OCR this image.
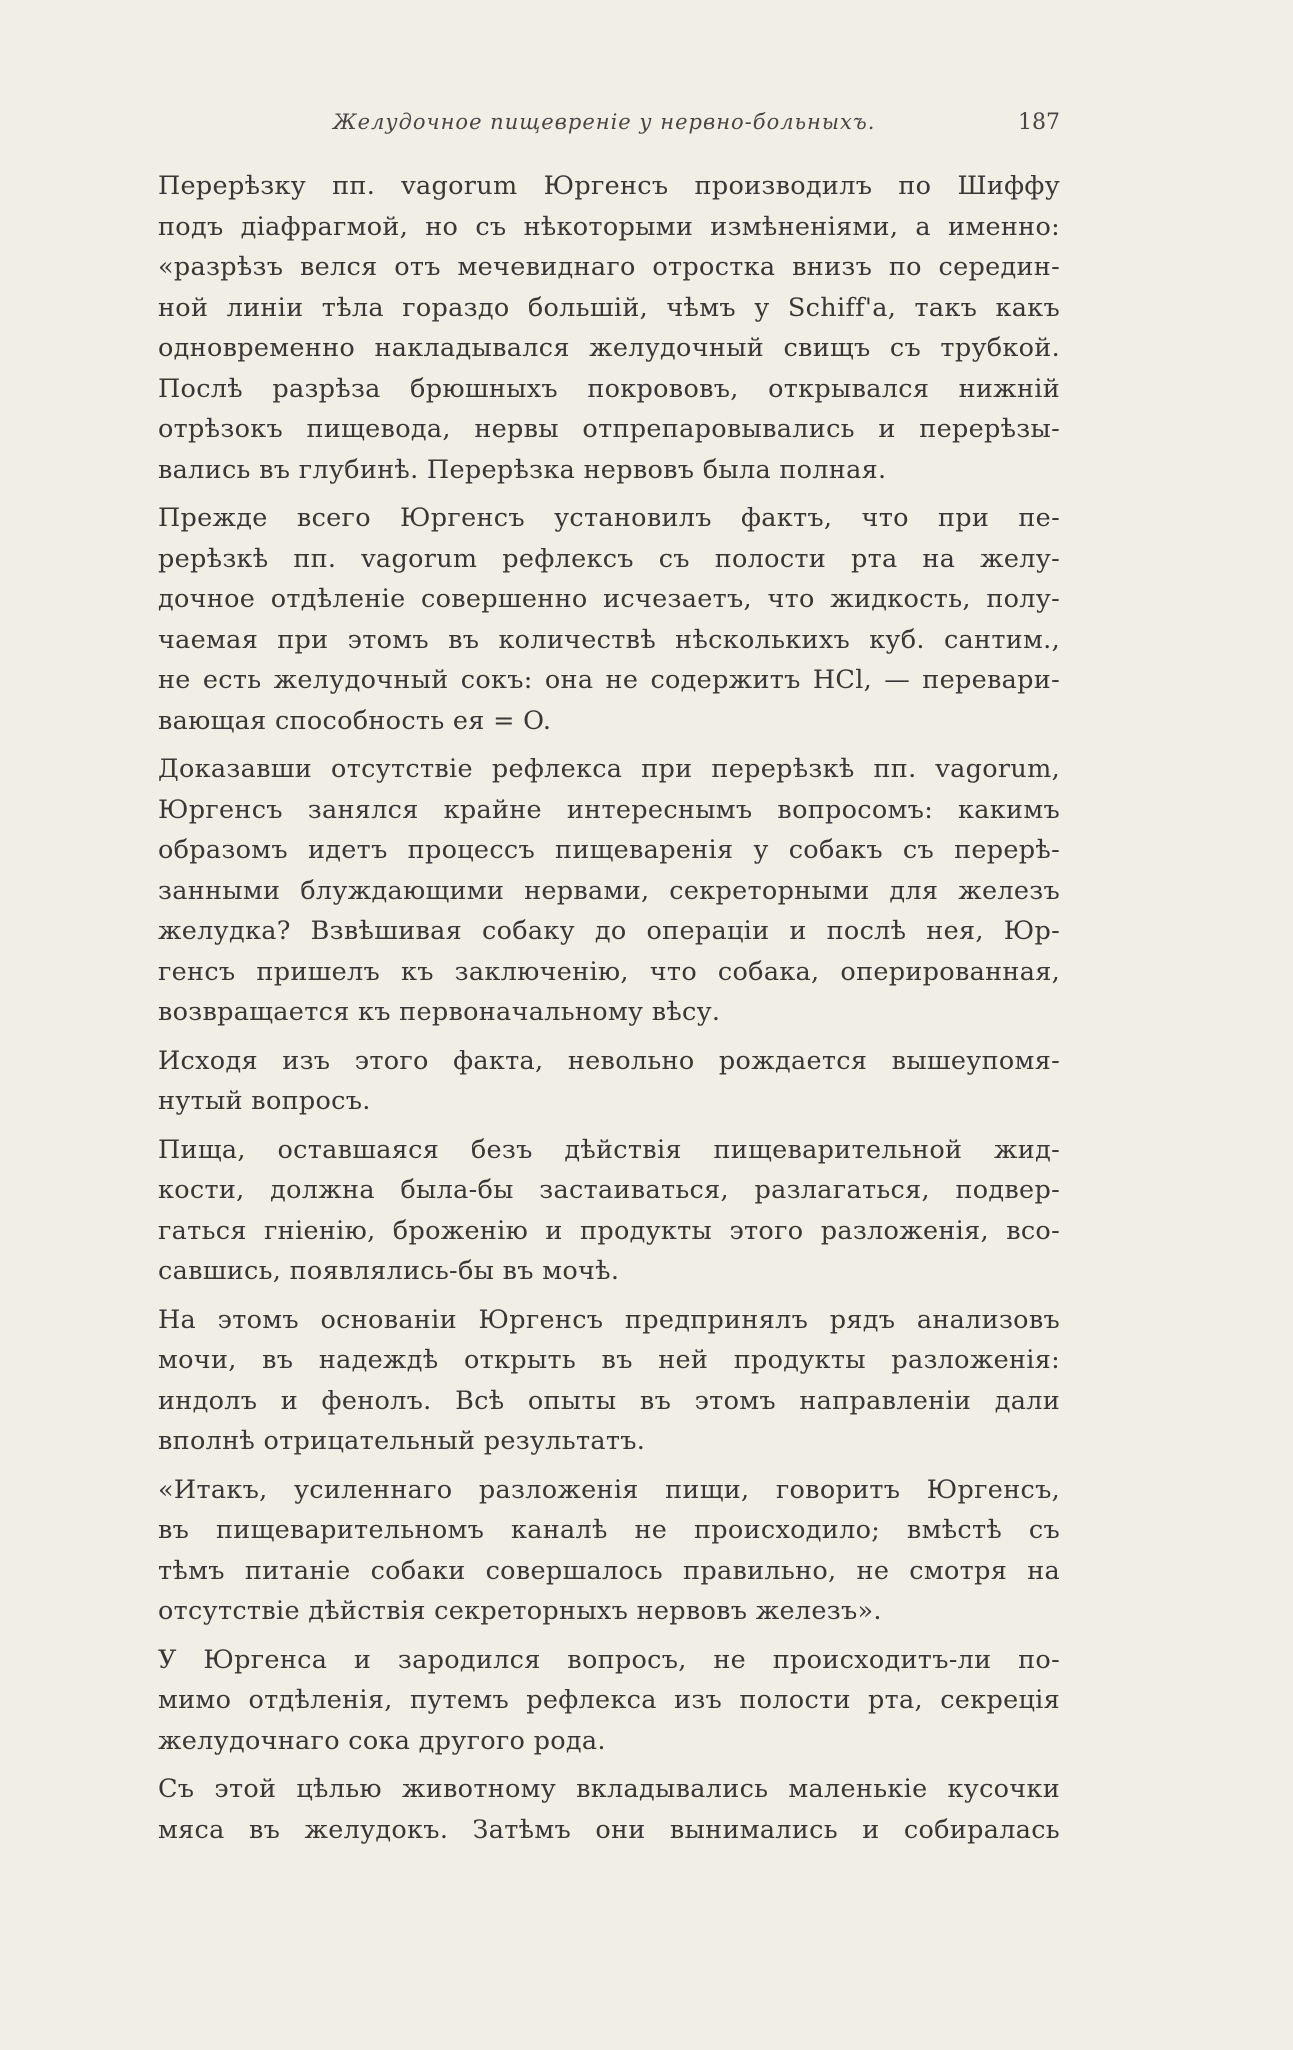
Желудочное пищевреніе у нервно-больныхъ.	187
Перерѣзку пп. vagorum Юргенсъ производилъ по Шиффу
подъ діафрагмой, но съ нѣкоторыми измѣненіями, а именно:
«разрѣзъ велся отъ мечевиднаго отростка внизъ по середин-
ной линіи тѣла гораздо большій, чѣмъ у Schiff'а, такъ какъ
одновременно накладывался желудочный свищъ съ трубкой.
Послѣ разрѣза брюшныхъ покрововъ, открывался нижній
отрѣзокъ пищевода, нервы отпрепаровывались и перерѣзы-
вались въ глубинѣ. Перерѣзка нервовъ была полная.
Прежде всего Юргенсъ установилъ фактъ, что при пе-
рерѣзкѣ пп. vagorum рефлексъ съ полости рта на желу-
дочное отдѣленіе совершенно исчезаетъ, что жидкость, полу-
чаемая при этомъ въ количествѣ нѣсколькихъ куб. сантим.,
не есть желудочный сокъ: она не содержитъ HCl, — перевари-
вающая способность ея = O.
Доказавши отсутствіе рефлекса при перерѣзкѣ пп. vagorum,
Юргенсъ занялся крайне интереснымъ вопросомъ: какимъ
образомъ идетъ процессъ пищеваренія у собакъ съ перерѣ-
занными блуждающими нервами, секреторными для железъ
желудка? Взвѣшивая собаку до операціи и послѣ нея, Юр-
генсъ пришелъ къ заключенію, что собака, оперированная,
возвращается къ первоначальному вѣсу.
Исходя изъ этого факта, невольно рождается вышеупомя-
нутый вопросъ.
Пища, оставшаяся безъ дѣйствія пищеварительной жид-
кости, должна была-бы застаиваться, разлагаться, подвер-
гаться гніенію, броженію и продукты этого разложенія, всо-
савшись, появлялись-бы въ мочѣ.
На этомъ основаніи Юргенсъ предпринялъ рядъ анализовъ
мочи, въ надеждѣ открыть въ ней продукты разложенія:
индолъ и фенолъ. Всѣ опыты въ этомъ направленіи дали
вполнѣ отрицательный результатъ.
«Итакъ, усиленнаго разложенія пищи, говоритъ Юргенсъ,
въ пищеварительномъ каналѣ не происходило; вмѣстѣ съ
тѣмъ питаніе собаки совершалось правильно, не смотря на
отсутствіе дѣйствія секреторныхъ нервовъ железъ».
У Юргенса и зародился вопросъ, не происходитъ-ли по-
мимо отдѣленія, путемъ рефлекса изъ полости рта, секреція
желудочнаго сока другого рода.
Съ этой цѣлью животному вкладывались маленькіе кусочки
мяса въ желудокъ. Затѣмъ они вынимались и собиралась
